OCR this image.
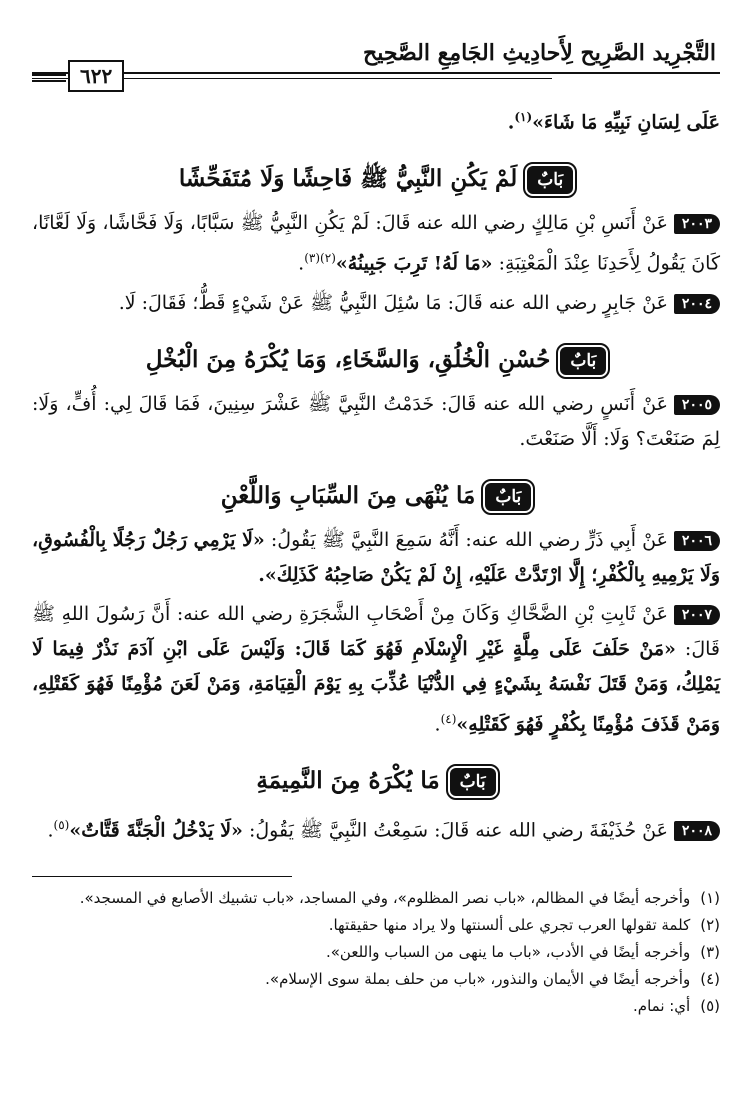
التَّجْرِيد الصَّرِيح لِأَحادِيثِ الجَامِعِ الصَّحِيح
٦٢٢

عَلَى لِسَانِ نَبِيِّهِ مَا شَاءَ»$^{(١)}$.

بَابٌلَمْ يَكُنِ النَّبِيُّ ﷺ فَاحِشًا وَلَا مُتَفَحِّشًا

٢٠٠٣عَنْ أَنَسِ بْنِ مَالِكٍ رضي الله عنه قَالَ: لَمْ يَكُنِ النَّبِيُّ ﷺ سَبَّابًا، وَلَا فَحَّاشًا، وَلَا لَعَّانًا، كَانَ يَقُولُ لِأَحَدِنَا عِنْدَ الْمَعْتِبَةِ: «مَا لَهُ! تَرِبَ جَبِينُهُ»$^{(٢)(٣)}$.

٢٠٠٤عَنْ جَابِرٍ رضي الله عنه قَالَ: مَا سُئِلَ النَّبِيُّ ﷺ عَنْ شَيْءٍ قَطُّ؛ فَقَالَ: لَا.

بَابٌحُسْنِ الْخُلُقِ، وَالسَّخَاءِ، وَمَا يُكْرَهُ مِنَ الْبُخْلِ

٢٠٠٥عَنْ أَنَسٍ رضي الله عنه قَالَ: خَدَمْتُ النَّبِيَّ ﷺ عَشْرَ سِنِينَ، فَمَا قَالَ لِي: أُفٍّ، وَلَا: لِمَ صَنَعْتَ؟ وَلَا: أَلَّا صَنَعْتَ.

بَابٌمَا يُنْهَى مِنَ السِّبَابِ وَاللَّعْنِ

٢٠٠٦عَنْ أَبِي ذَرٍّ رضي الله عنه: أَنَّهُ سَمِعَ النَّبِيَّ ﷺ يَقُولُ: «لَا يَرْمِي رَجُلٌ رَجُلًا بِالْفُسُوقِ، وَلَا يَرْمِيهِ بِالْكُفْرِ؛ إِلَّا ارْتَدَّتْ عَلَيْهِ، إِنْ لَمْ يَكُنْ صَاحِبُهُ كَذَلِكَ».

٢٠٠٧عَنْ ثَابِتِ بْنِ الضَّحَّاكِ وَكَانَ مِنْ أَصْحَابِ الشَّجَرَةِ رضي الله عنه: أَنَّ رَسُولَ اللهِ ﷺ قَالَ: «مَنْ حَلَفَ عَلَى مِلَّةٍ غَيْرِ الْإِسْلَامِ فَهُوَ كَمَا قَالَ: وَلَيْسَ عَلَى ابْنِ آدَمَ نَذْرٌ فِيمَا لَا يَمْلِكُ، وَمَنْ قَتَلَ نَفْسَهُ بِشَيْءٍ فِي الدُّنْيَا عُذِّبَ بِهِ يَوْمَ الْقِيَامَةِ، وَمَنْ لَعَنَ مُؤْمِنًا فَهُوَ كَقَتْلِهِ، وَمَنْ قَذَفَ مُؤْمِنًا بِكُفْرٍ فَهُوَ كَقَتْلِهِ»$^{(٤)}$.

بَابٌمَا يُكْرَهُ مِنَ النَّمِيمَةِ

٢٠٠٨عَنْ حُذَيْفَةَ رضي الله عنه قَالَ: سَمِعْتُ النَّبِيَّ ﷺ يَقُولُ: «لَا يَدْخُلُ الْجَنَّةَ قَتَّاتٌ»$^{(٥)}$.

(١)
وأخرجه أيضًا في المظالم، «باب نصر المظلوم»، وفي المساجد، «باب تشبيك الأصابع في المسجد».
(٢)
كلمة تقولها العرب تجري على ألسنتها ولا يراد منها حقيقتها.
(٣)
وأخرجه أيضًا في الأدب، «باب ما ينهى من السباب واللعن».
(٤)
وأخرجه أيضًا في الأيمان والنذور، «باب من حلف بملة سوى الإسلام».
(٥)
أي: نمام.
